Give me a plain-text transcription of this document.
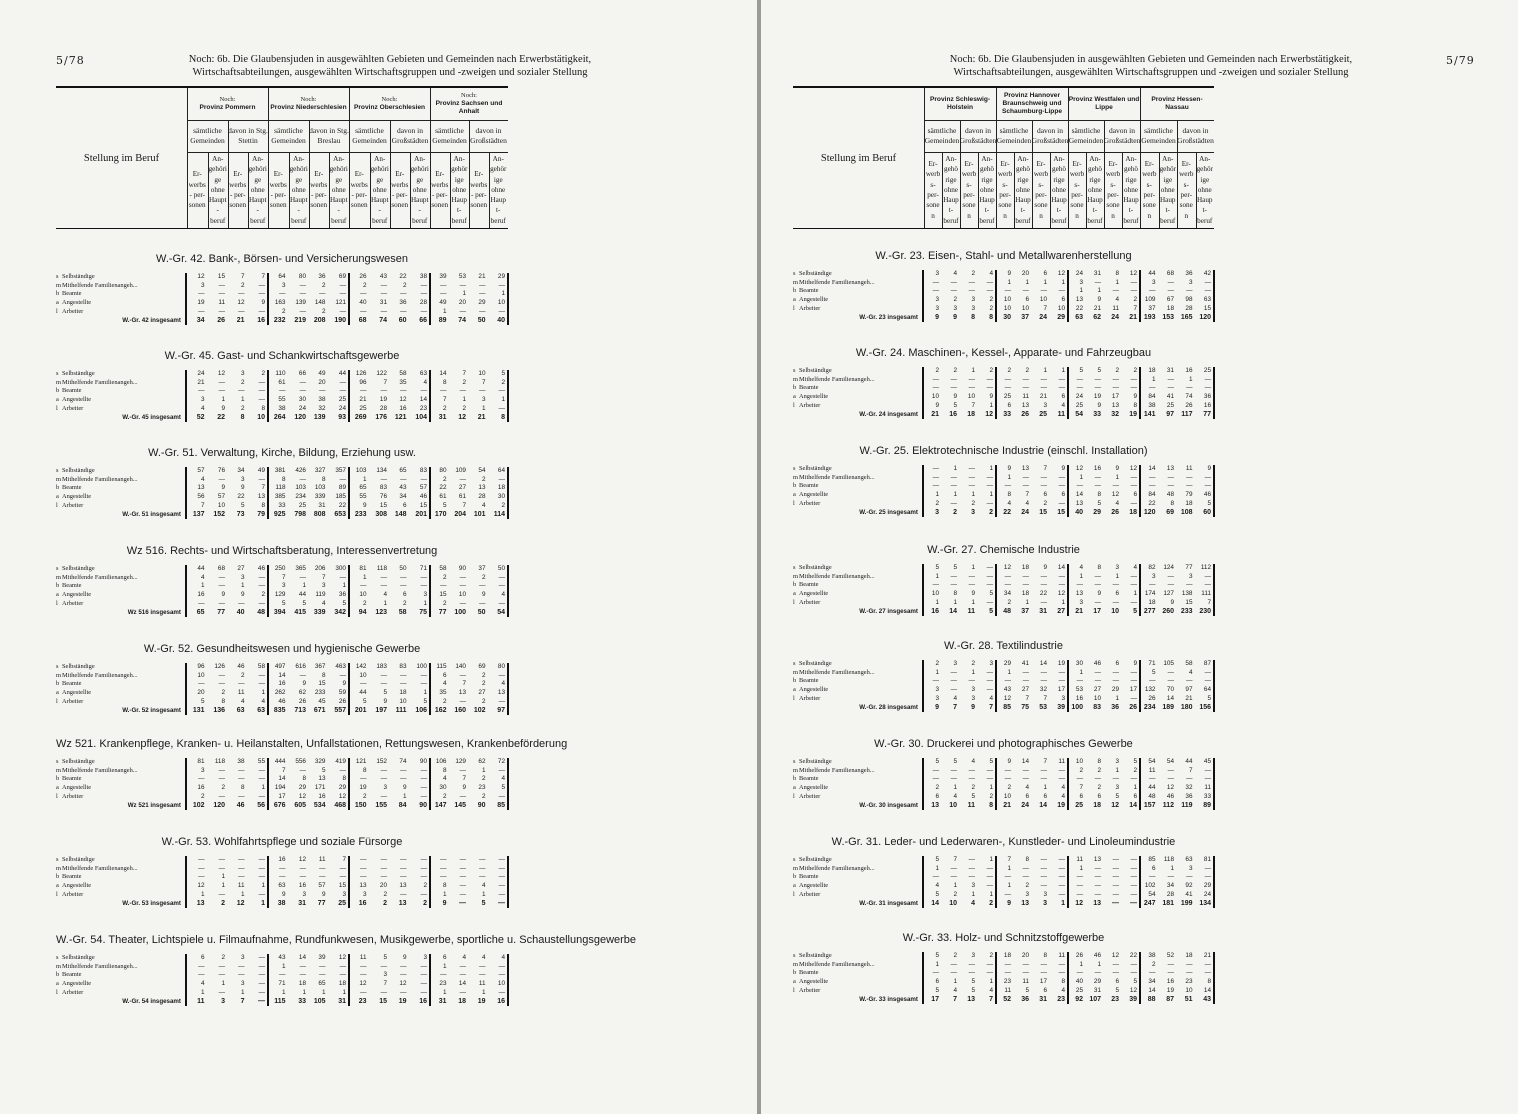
5/78	Noch: 6b. Die Glaubensjuden in ausgewählten Gebieten und Gemeinden nach Erwerbstätigkeit,
Wirtschaftsabteilungen, ausgewählten Wirtschaftsgruppen und -zweigen und sozialer Stellung
Stellung im Beruf
Noch:
Provinz Pommern
sämtliche Gemeinden
davon in Stg. Stettin
Er- werbs- per- sonen
An- gehörige ohne Haupt- beruf
Er- werbs- per- sonen
An- gehörige ohne Haupt- beruf
Noch:
Provinz Niederschlesien
sämtliche Gemeinden
davon in Stg. Breslau
Er- werbs- per- sonen
An- gehörige ohne Haupt- beruf
Er- werbs- per- sonen
An- gehörige ohne Haupt- beruf
Noch:
Provinz Oberschlesien
sämtliche Gemeinden
davon in Großstädten
Er- werbs- per- sonen
An- gehörige ohne Haupt- beruf
Er- werbs- per- sonen
An- gehörige ohne Haupt- beruf
Noch:
Provinz Sachsen und Anhalt
sämtliche Gemeinden
davon in Großstädten
Er- werbs- per- sonen
An- gehörige ohne Haupt- beruf
Er- werbs- per- sonen
An- gehörige ohne Haupt- beruf
W.-Gr. 42. Bank-, Börsen- und Versicherungswesen
s Selbständige	12	15	7	7	64	80	36	69	26	43	22	38	39	53	21	29
mMithelfende Familienangeh...	3	—	2	—	3	—	2	—	2	—	2	—	—	—	—	—
b Beamte	—	—	—	—	—	—	—	—	—	—	—	—	—	1	—	1
a Angestellte	19	11	12	9	163	139	148	121	40	31	36	28	49	20	29	10
l Arbeiter	—	—	—	—	2	—	2	—	—	—	—	—	1	—	—	—
W.-Gr. 42 insgesamt	34	26	21	16	232	219	208	190	68	74	60	66	89	74	50	40
W.-Gr. 45. Gast- und Schankwirtschaftsgewerbe
s Selbständige	24	12	3	2	110	66	49	44	126	122	58	63	14	7	10	5
mMithelfende Familienangeh...	21	—	2	—	61	—	20	—	96	7	35	4	8	2	7	2
b Beamte	—	—	—	—	—	—	—	—	—	—	—	—	—	—	—	—
a Angestellte	3	1	1	—	55	30	38	25	21	19	12	14	7	1	3	1
l Arbeiter	4	9	2	8	38	24	32	24	25	28	16	23	2	2	1	—
W.-Gr. 45 insgesamt	52	22	8	10	264	120	139	93	269	176	121	104	31	12	21	8
W.-Gr. 51. Verwaltung, Kirche, Bildung, Erziehung usw.
s Selbständige	57	76	34	49	381	426	327	357	103	134	65	83	80	109	54	64
mMithelfende Familienangeh...	4	—	3	—	8	—	8	—	1	—	—	—	2	—	2	—
b Beamte	13	9	9	7	118	103	103	89	65	83	43	57	22	27	13	18
a Angestellte	56	57	22	13	385	234	339	185	55	76	34	46	61	61	28	30
l Arbeiter	7	10	5	8	33	25	31	22	9	15	6	15	5	7	4	2
W.-Gr. 51 insgesamt	137	152	73	79	925	798	808	653	233	308	148	201	170	204	101	114
Wz 516. Rechts- und Wirtschaftsberatung, Interessenvertretung
s Selbständige	44	68	27	46	250	365	206	300	81	118	50	71	58	90	37	50
mMithelfende Familienangeh...	4	—	3	—	7	—	7	—	1	—	—	—	2	—	2	—
b Beamte	1	—	1	—	3	1	3	1	—	—	—	—	—	—	—	—
a Angestellte	16	9	9	2	129	44	119	36	10	4	6	3	15	10	9	4
l Arbeiter	—	—	—	—	5	5	4	5	2	1	2	1	2	—	—	—
Wz 516 insgesamt	65	77	40	48	394	415	339	342	94	123	58	75	77	100	50	54
W.-Gr. 52. Gesundheitswesen und hygienische Gewerbe
s Selbständige	96	126	46	58	497	616	367	463	142	183	83	100	115	140	69	80
mMithelfende Familienangeh...	10	—	2	—	14	—	8	—	10	—	—	—	6	—	2	—
b Beamte	—	—	—	—	16	9	15	9	—	—	—	—	4	7	2	4
a Angestellte	20	2	11	1	262	62	233	59	44	5	18	1	35	13	27	13
l Arbeiter	5	8	4	4	46	26	45	26	5	9	10	5	2	—	2	—
W.-Gr. 52 insgesamt	131	136	63	63	835	713	671	557	201	197	111	106	162	160	102	97
Wz 521. Krankenpflege, Kranken- u. Heilanstalten, Unfallstationen, Rettungswesen, Krankenbeförderung
s Selbständige	81	118	38	55	444	556	329	419	121	152	74	90	106	129	62	72
mMithelfende Familienangeh...	3	—	—	—	7	—	5	—	8	—	—	—	8	—	1	—
b Beamte	—	—	—	—	14	8	13	8	—	—	—	—	4	7	2	4
a Angestellte	16	2	8	1	194	29	171	29	19	3	9	—	30	9	23	5
l Arbeiter	2	—	—	—	17	12	16	12	2	—	1	—	2	—	2	—
Wz 521 insgesamt	102	120	46	56	676	605	534	468	150	155	84	90	147	145	90	85
W.-Gr. 53. Wohlfahrtspflege und soziale Fürsorge
s Selbständige	—	—	—	—	16	12	11	7	—	—	—	—	—	—	—	—
mMithelfende Familienangeh...	—	—	—	—	—	—	—	—	—	—	—	—	—	—	—	—
b Beamte	—	1	—	—	—	—	—	—	—	—	—	—	—	—	—	—
a Angestellte	12	1	11	1	63	16	57	15	13	20	13	2	8	—	4	—
l Arbeiter	1	—	1	—	9	3	9	3	3	2	—	—	1	—	1	—
W.-Gr. 53 insgesamt	13	2	12	1	38	31	77	25	16	2	13	2	9	—	5	—
W.-Gr. 54. Theater, Lichtspiele u. Filmaufnahme, Rundfunkwesen, Musikgewerbe, sportliche u. Schaustellungsgewerbe
s Selbständige	6	2	3	—	43	14	39	12	11	5	9	3	6	4	4	4
mMithelfende Familienangeh...	—	—	—	—	1	—	—	—	—	—	—	—	1	—	—	—
b Beamte	—	—	—	—	—	—	—	—	—	3	—	—	—	—	—	—
a Angestellte	4	1	3	—	71	18	65	18	12	7	12	—	23	14	11	10
l Arbeiter	1	—	1	—	1	1	1	1	—	—	—	—	1	—	1	—
W.-Gr. 54 insgesamt	11	3	7	—	115	33	105	31	23	15	19	16	31	18	19	16
Noch: 6b. Die Glaubensjuden in ausgewählten Gebieten und Gemeinden nach Erwerbstätigkeit,
Wirtschaftsabteilungen, ausgewählten Wirtschaftsgruppen und -zweigen und sozialer Stellung
5/79
Stellung im Beruf
Provinz Schleswig-Holstein
sämtliche Gemeinden
davon in Großstädten
Er- werbs- per- sonen
An- gehörige ohne Haupt- beruf
Er- werbs- per- sonen
An- gehörige ohne Haupt- beruf
Provinz Hannover Braunschweig und Schaumburg-Lippe
sämtliche Gemeinden
davon in Großstädten
Er- werbs- per- sonen
An- gehörige ohne Haupt- beruf
Er- werbs- per- sonen
An- gehörige ohne Haupt- beruf
Provinz Westfalen und Lippe
sämtliche Gemeinden
davon in Großstädten
Er- werbs- per- sonen
An- gehörige ohne Haupt- beruf
Er- werbs- per- sonen
An- gehörige ohne Haupt- beruf
Provinz Hessen-Nassau
sämtliche Gemeinden
davon in Großstädten
Er- werbs- per- sonen
An- gehörige ohne Haupt- beruf
Er- werbs- per- sonen
An- gehörige ohne Haupt- beruf
W.-Gr. 23. Eisen-, Stahl- und Metallwarenherstellung
s Selbständige	3	4	2	4	9	20	6	12	24	31	8	12	44	68	36	42
mMithelfende Familienangeh...	—	—	—	—	1	1	1	1	3	—	1	—	3	—	3	—
b Beamte	—	—	—	—	—	—	—	—	1	1	—	—	—	—	—	—
a Angestellte	3	2	3	2	10	6	10	6	13	9	4	2	109	67	98	63
l Arbeiter	3	3	3	2	10	10	7	10	22	21	11	7	37	18	28	15
W.-Gr. 23 insgesamt	9	9	8	8	30	37	24	29	63	62	24	21 193 153 165 120
W.-Gr. 24. Maschinen-, Kessel-, Apparate- und Fahrzeugbau
s Selbständige	2	2	1	2	2	2	1	1	5	5	2	2	18	31	16	25
mMithelfende Familienangeh...	—	—	—	—	—	—	—	—	—	—	—	—	1	—	1	—
b Beamte	—	—	—	—	—	—	—	—	—	—	—	—	—	—	—	—
a Angestellte	10	9	10	9	25	11	21	6	24	19	17	9	84	41	74	36
l Arbeiter	9	5	7	1	6	13	3	4	25	9	13	8	38	25	26	16
W.-Gr. 24 insgesamt	21	16	18	12	33	26	25	11	54	33	32	19 141	97	117	77
W.-Gr. 25. Elektrotechnische Industrie (einschl. Installation)
s Selbständige	—	1	—	1	9	13	7	9	12	16	9	12	14	13	11	9
mMithelfende Familienangeh...	—	—	—	—	1	—	—	—	1	—	1	—	—	—	—	—
b Beamte	—	—	—	—	—	—	—	—	—	—	—	—	—	—	—	—
a Angestellte	1	1	1	1	8	7	6	6	14	8	12	6	84	48	79	46
l Arbeiter	2	—	2	—	4	4	2	—	13	5	4	—	22	8	18	5
W.-Gr. 25 insgesamt	3	2	3	2	22	24	15	15	40	29	26	18 120	69 108	60
W.-Gr. 27. Chemische Industrie
s Selbständige	5	5	1	—	12	18	9	14	4	8	3	4	82	124	77	112
mMithelfende Familienangeh...	1	—	—	—	—	—	—	—	1	—	1	—	3	—	3	—
b Beamte	—	—	—	—	—	—	—	—	—	—	—	—	—	—	—	—
a Angestellte	10	8	9	5	34	18	22	12	13	9	6	1	174	127	138	111
l Arbeiter	1	1	1	—	2	1	—	1	3	—	—	—	18	9	15	7
W.-Gr. 27 insgesamt	16	14	11	5	48	37	31	27	21	17	10	5 277 260 233 230
W.-Gr. 28. Textilindustrie
s Selbständige	2	3	2	3	29	41	14	19	30	46	6	9	71	105	58	87
mMithelfende Familienangeh...	1	—	1	—	1	—	—	—	1	—	—	—	5	—	4	—
b Beamte	—	—	—	—	—	—	—	—	—	—	—	—	—	—	—	—
a Angestellte	3	—	3	—	43	27	32	17	53	27	29	17	132	70	97	64
l Arbeiter	3	4	3	4	12	7	7	3	16	10	1	—	26	14	21	5
W.-Gr. 28 insgesamt	9	7	9	7	85	75	53	39 100	83	36	26 234 189 180 156
W.-Gr. 30. Druckerei und photographisches Gewerbe
s Selbständige	5	5	4	5	9	14	7	11	10	8	3	5	54	54	44	45
mMithelfende Familienangeh...	—	—	—	—	—	—	—	—	2	2	1	2	11	—	7	—
b Beamte	—	—	—	—	—	—	—	—	—	—	—	—	—	—	—	—
a Angestellte	2	1	2	1	2	4	1	4	7	2	3	1	44	12	32	11
l Arbeiter	6	4	5	2	10	6	6	4	6	6	5	6	48	46	36	33
W.-Gr. 30 insgesamt	13	10	11	8	21	24	14	19	25	18	12	14 157	112	119	89
W.-Gr. 31. Leder- und Lederwaren-, Kunstleder- und Linoleumindustrie
s Selbständige	5	7	—	1	7	8	—	—	11	13	—	—	85	118	63	81
mMithelfende Familienangeh...	1	—	—	—	1	—	—	—	1	—	—	—	6	1	3	—
b Beamte	—	—	—	—	—	—	—	—	—	—	—	—	—	—	—	—
a Angestellte	4	1	3	—	1	2	—	—	—	—	—	—	102	34	92	29
l Arbeiter	5	2	1	1	—	3	3	—	—	—	—	—	54	28	41	24
W.-Gr. 31 insgesamt	14	10	4	2	9	13	3	1	12	13	—	— 247 181 199 134
W.-Gr. 33. Holz- und Schnitzstoffgewerbe
s Selbständige	5	2	3	2	18	20	8	11	26	46	12	22	38	52	18	21
mMithelfende Familienangeh...	1	—	—	—	—	—	—	—	1	1	—	—	2	—	—	—
b Beamte	—	—	—	—	—	—	—	—	—	—	—	—	—	—	—	—
a Angestellte	6	1	5	1	23	11	17	8	40	29	6	5	34	16	23	8
l Arbeiter	5	4	5	4	11	5	6	4	25	31	5	12	14	19	10	14
W.-Gr. 33 insgesamt	17	7	13	7	52	36	31	23	92 107	23	39	88	87	51	43
